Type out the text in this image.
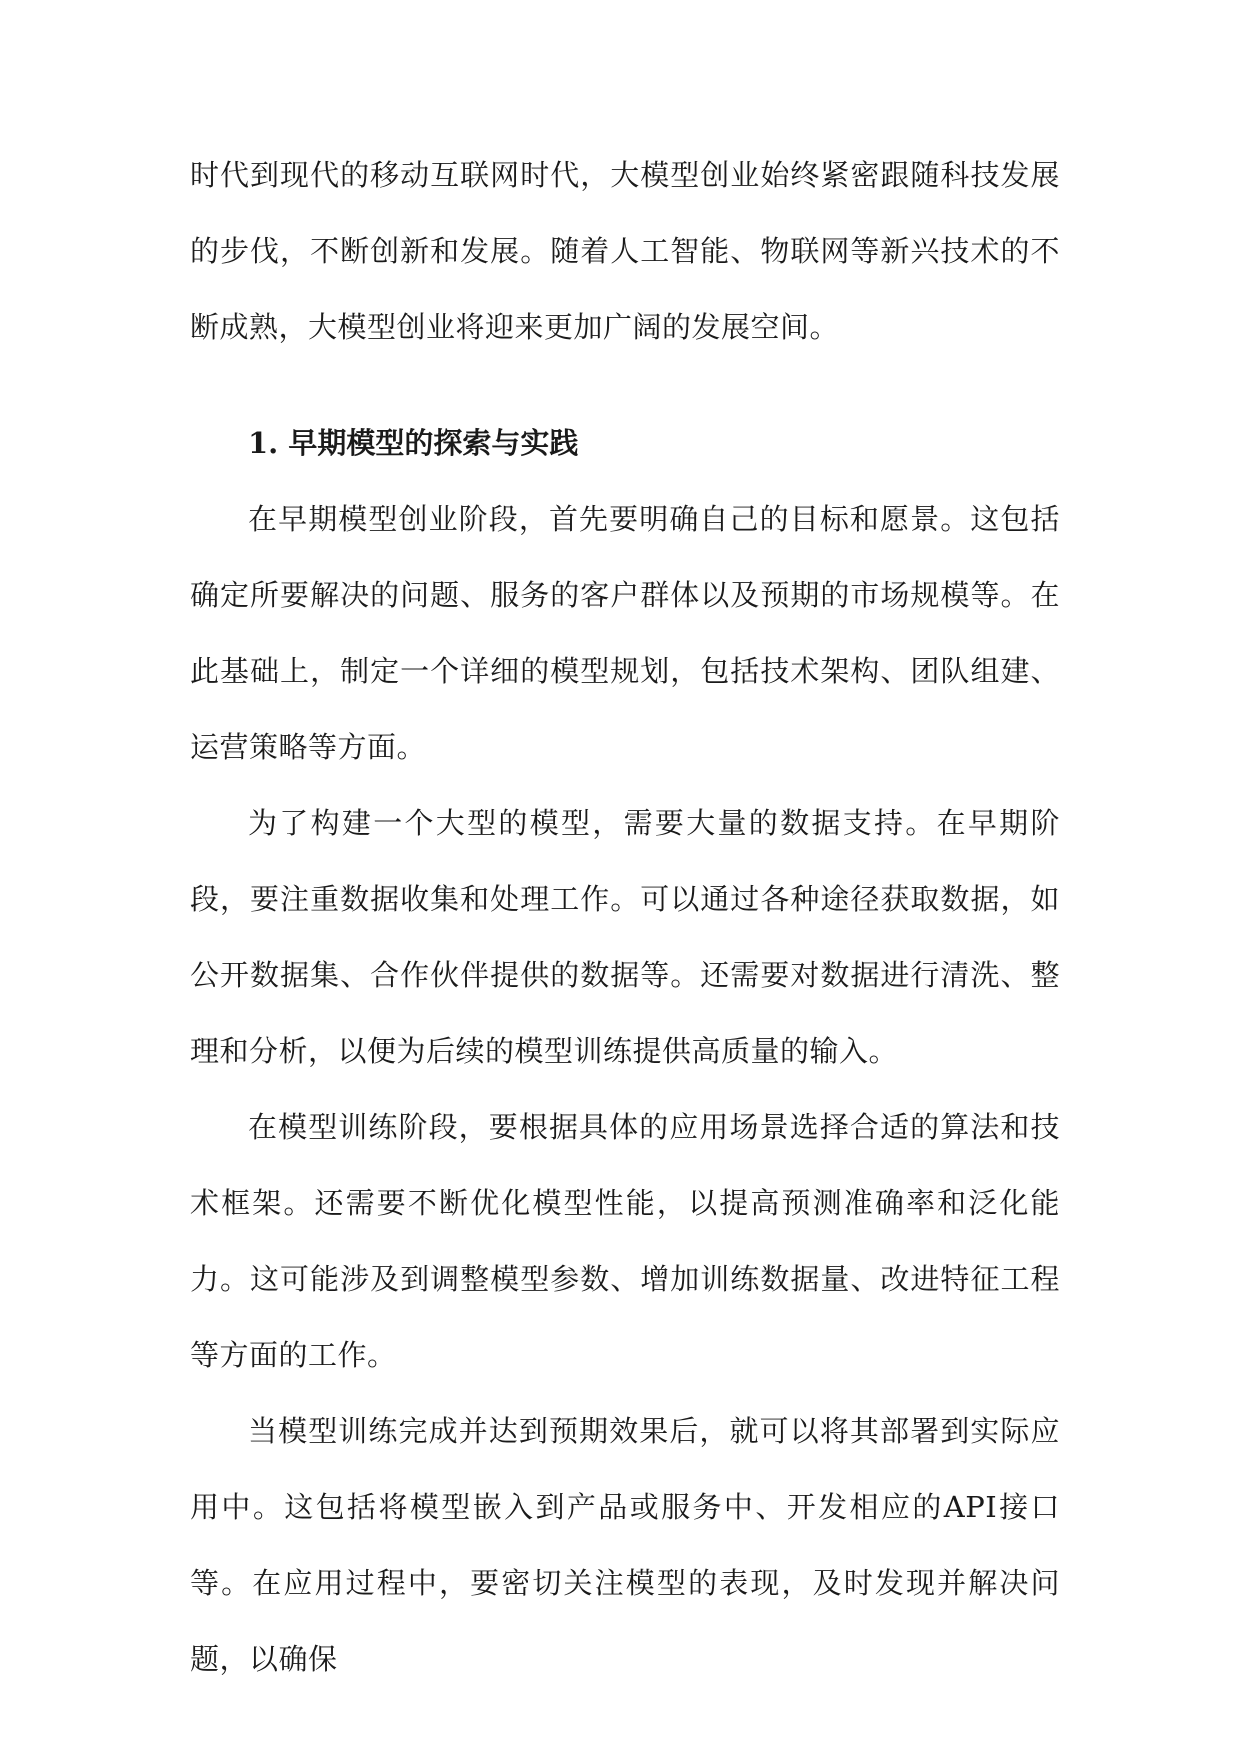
时代到现代的移动互联网时代，大模型创业始终紧密跟随科技发展的步伐，不断创新和发展。随着人工智能、物联网等新兴技术的不断成熟，大模型创业将迎来更加广阔的发展空间。

1. 早期模型的探索与实践

在早期模型创业阶段，首先要明确自己的目标和愿景。这包括确定所要解决的问题、服务的客户群体以及预期的市场规模等。在此基础上，制定一个详细的模型规划，包括技术架构、团队组建、运营策略等方面。

为了构建一个大型的模型，需要大量的数据支持。在早期阶段，要注重数据收集和处理工作。可以通过各种途径获取数据，如公开数据集、合作伙伴提供的数据等。还需要对数据进行清洗、整理和分析，以便为后续的模型训练提供高质量的输入。

在模型训练阶段，要根据具体的应用场景选择合适的算法和技术框架。还需要不断优化模型性能，以提高预测准确率和泛化能力。这可能涉及到调整模型参数、增加训练数据量、改进特征工程等方面的工作。

当模型训练完成并达到预期效果后，就可以将其部署到实际应用中。这包括将模型嵌入到产品或服务中、开发相应的API接口等。在应用过程中，要密切关注模型的表现，及时发现并解决问题，以确保
